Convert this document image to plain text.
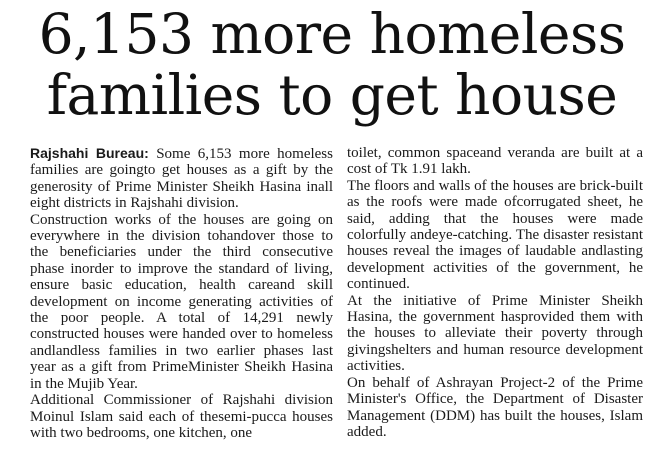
6,153 more homeless
families to get house

Rajshahi Bureau: Some 6,153 more homeless families are goingto get houses as a gift by the generosity of Prime Minister Sheikh Hasina inall eight districts in Rajshahi division.

Construction works of the houses are going on everywhere in the division tohandover those to the beneficiaries under the third consecutive phase inorder to improve the standard of living, ensure basic education, health careand skill development on income generating activities of the poor people. A total of 14,291 newly constructed houses were handed over to homeless andlandless families in two earlier phases last year as a gift from PrimeMinister Sheikh Hasina in the Mujib Year.

Additional Commissioner of Rajshahi division Moinul Islam said each of thesemi-pucca houses with two bedrooms, one kitchen, one

toilet, common spaceand veranda are built at a cost of Tk 1.91 lakh.

The floors and walls of the houses are brick-built as the roofs were made ofcorrugated sheet, he said, adding that the houses were made colorfully andeye-catching. The disaster resistant houses reveal the images of laudable andlasting development activities of the government, he continued.

At the initiative of Prime Minister Sheikh Hasina, the government hasprovided them with the houses to alleviate their poverty through givingshelters and human resource development activities.

On behalf of Ashrayan Project-2 of the Prime Minister's Office, the Department of Disaster Management (DDM) has built the houses, Islam added.
